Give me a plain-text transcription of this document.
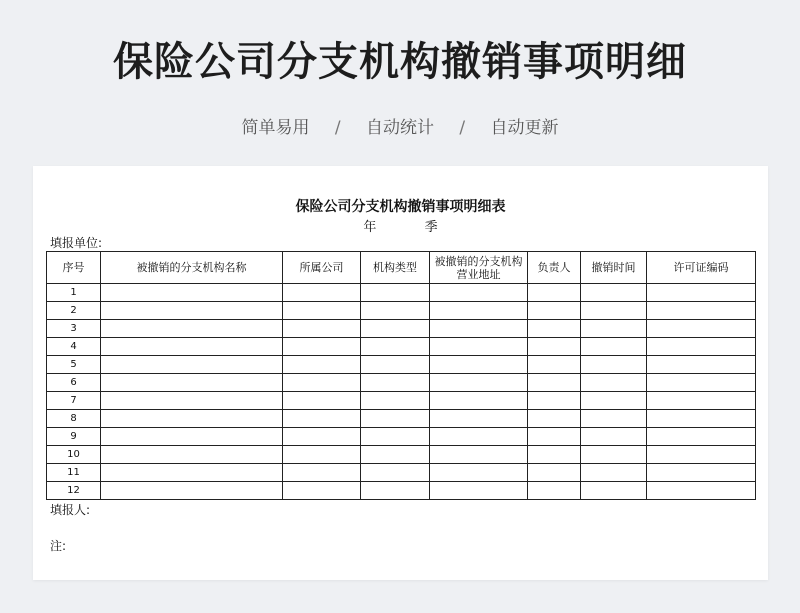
保险公司分支机构撤销事项明细
简单易用 / 自动统计 / 自动更新
保险公司分支机构撤销事项明细表
年	季
填报单位:
序号	被撤销的分支机构名称	所属公司	机构类型	被撤销的分支机构营业地址	负责人	撤销时间	许可证编码
1							
2							
3							
4							
5							
6							
7							
8							
9							
10							
11							
12							
填报人:
注:
